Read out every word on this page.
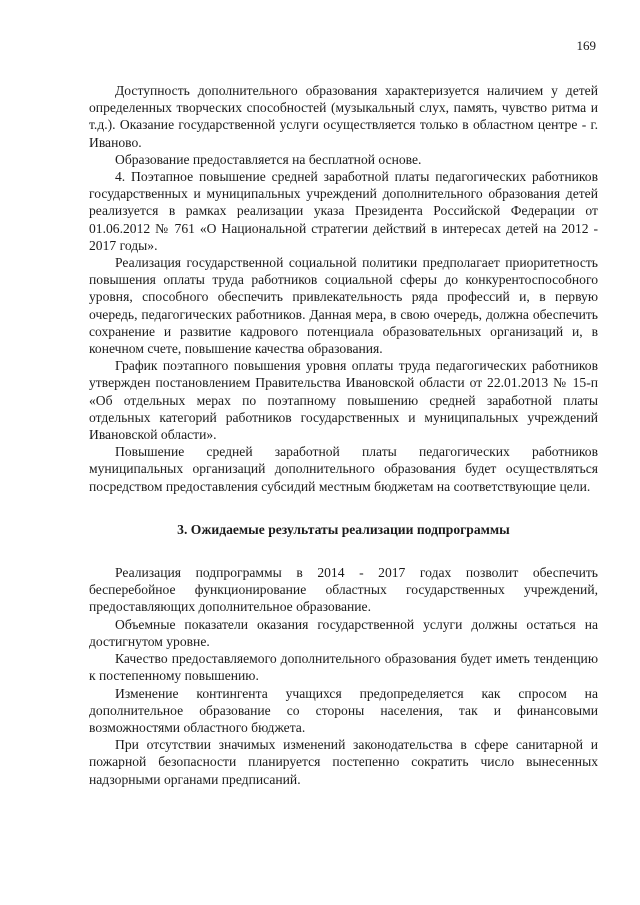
169

Доступность дополнительного образования характеризуется наличием у детей определенных творческих способностей (музыкальный слух, память, чувство ритма и т.д.). Оказание государственной услуги осуществляется только в областном центре - г. Иваново.

Образование предоставляется на бесплатной основе.

4. Поэтапное повышение средней заработной платы педагогических работников государственных и муниципальных учреждений дополнительного образования детей реализуется в рамках реализации указа Президента Российской Федерации от 01.06.2012 № 761 «О Национальной стратегии действий в интересах детей на 2012 - 2017 годы».

Реализация государственной социальной политики предполагает приоритетность повышения оплаты труда работников социальной сферы до конкурентоспособного уровня, способного обеспечить привлекательность ряда профессий и, в первую очередь, педагогических работников. Данная мера, в свою очередь, должна обеспечить сохранение и развитие кадрового потенциала образовательных организаций и, в конечном счете, повышение качества образования.

График поэтапного повышения уровня оплаты труда педагогических работников утвержден постановлением Правительства Ивановской области от 22.01.2013 № 15-п «Об отдельных мерах по поэтапному повышению средней заработной платы отдельных категорий работников государственных и муниципальных учреждений Ивановской области».

Повышение средней заработной платы педагогических работников муниципальных организаций дополнительного образования будет осуществляться посредством предоставления субсидий местным бюджетам на соответствующие цели.

3. Ожидаемые результаты реализации подпрограммы

Реализация подпрограммы в 2014 - 2017 годах позволит обеспечить бесперебойное функционирование областных государственных учреждений, предоставляющих дополнительное образование.

Объемные показатели оказания государственной услуги должны остаться на достигнутом уровне.

Качество предоставляемого дополнительного образования будет иметь тенденцию к постепенному повышению.

Изменение контингента учащихся предопределяется как спросом на дополнительное образование со стороны населения, так и финансовыми возможностями областного бюджета.

При отсутствии значимых изменений законодательства в сфере санитарной и пожарной безопасности планируется постепенно сократить число вынесенных надзорными органами предписаний.
